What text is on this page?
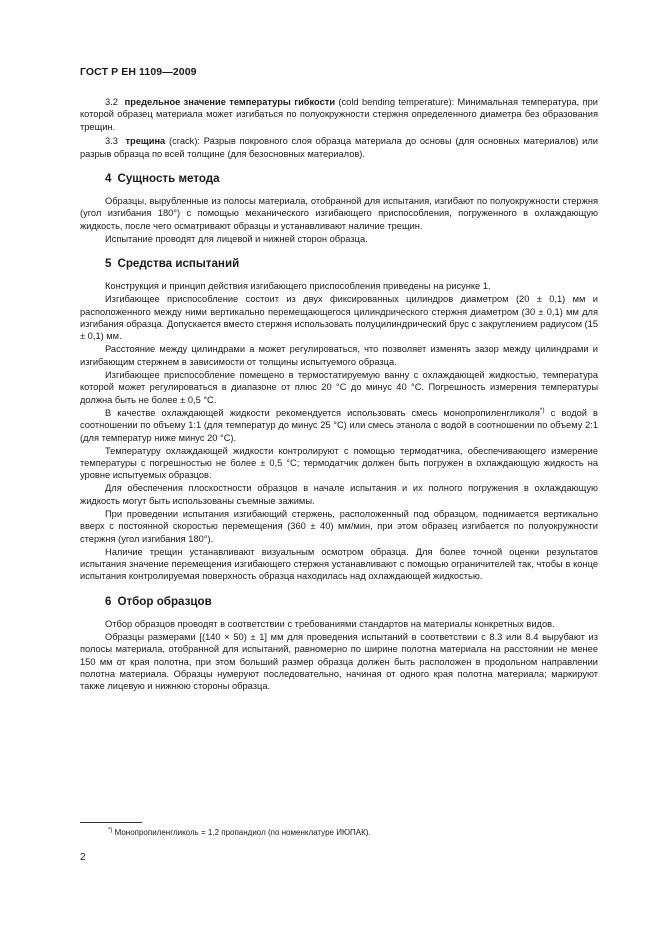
ГОСТ Р ЕН 1109—2009

3.2 предельное значение температуры гибкости (cold bending temperature): Минимальная температура, при которой образец материала может изгибаться по полуокружности стержня определенного диаметра без образования трещин.

3.3 трещина (crack): Разрыв покровного слоя образца материала до основы (для основных материалов) или разрыв образца по всей толщине (для безосновных материалов).

4 Сущность метода

Образцы, вырубленные из полосы материала, отобранной для испытания, изгибают по полуокружности стержня (угол изгибания 180°) с помощью механического изгибающего приспособления, погруженного в охлаждающую жидкость, после чего осматривают образцы и устанавливают наличие трещин.

Испытание проводят для лицевой и нижней сторон образца.

5 Средства испытаний

Конструкция и принцип действия изгибающего приспособления приведены на рисунке 1.

Изгибающее приспособление состоит из двух фиксированных цилиндров диаметром (20 ± 0,1) мм и расположенного между ними вертикально перемещающегося цилиндрического стержня диаметром (30 ± 0,1) мм для изгибания образца. Допускается вместо стержня использовать полуцилиндрический брус с закруглением радиусом (15 ± 0,1) мм.

Расстояние между цилиндрами a может регулироваться, что позволяет изменять зазор между цилиндрами и изгибающим стержнем в зависимости от толщины испытуемого образца.

Изгибающее приспособление помещено в термостатируемую ванну с охлаждающей жидкостью, температура которой может регулироваться в диапазоне от плюс 20 °С до минус 40 °С. Погрешность измерения температуры должна быть не более ± 0,5 °С.

В качестве охлаждающей жидкости рекомендуется использовать смесь монопропиленгликоля*) с водой в соотношении по объему 1:1 (для температур до минус 25 °С) или смесь этанола с водой в соотношении по объему 2:1 (для температур ниже минус 20 °С).

Температуру охлаждающей жидкости контролируют с помощью термодатчика, обеспечивающего измерение температуры с погрешностью не более ± 0,5 °С; термодатчик должен быть погружен в охлаждающую жидкость на уровне испытуемых образцов.

Для обеспечения плоскостности образцов в начале испытания и их полного погружения в охлаждающую жидкость могут быть использованы съемные зажимы.

При проведении испытания изгибающий стержень, расположенный под образцом, поднимается вертикально вверх с постоянной скоростью перемещения (360 ± 40) мм/мин, при этом образец изгибается по полуокружности стержня (угол изгибания 180°).

Наличие трещин устанавливают визуальным осмотром образца. Для более точной оценки результатов испытания значение перемещения изгибающего стержня устанавливают с помощью ограничителей так, чтобы в конце испытания контролируемая поверхность образца находилась над охлаждающей жидкостью.

6 Отбор образцов

Отбор образцов проводят в соответствии с требованиями стандартов на материалы конкретных видов.

Образцы размерами [(140 × 50) ± 1] мм для проведения испытаний в соответствии с 8.3 или 8.4 вырубают из полосы материала, отобранной для испытаний, равномерно по ширине полотна материала на расстоянии не менее 150 мм от края полотна, при этом больший размер образца должен быть расположен в продольном направлении полотна материала. Образцы нумеруют последовательно, начиная от одного края полотна материала; маркируют также лицевую и нижнюю стороны образца.

*) Монопропиленгликоль = 1,2 пропандиол (по номенклатуре ИЮПАК).
2
